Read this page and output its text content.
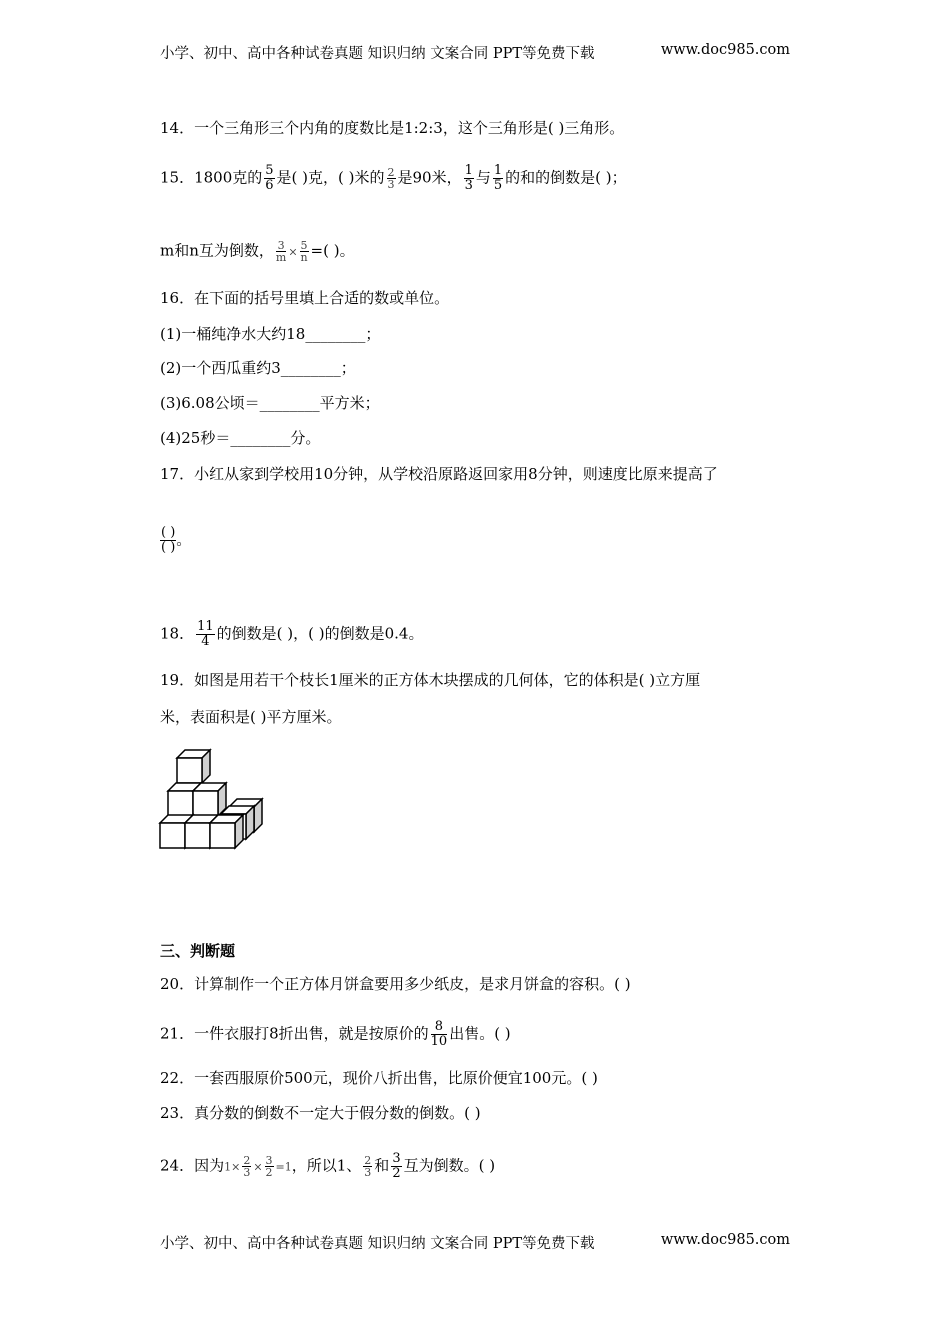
小学、初中、高中各种试卷真题 知识归纳 文案合同 PPT等免费下载	www.doc985.com
14．一个三角形三个内角的度数比是1:2:3，这个三角形是( )三角形。
15．1800克的 $\frac{5}{6}$ 是( )克，( )米的 $\frac{2}{3}$ 是90米， $\frac{1}{3}$ 与 $\frac{1}{5}$ 的和的倒数是( )；
m和n互为倒数， $\frac{3}{m} \times \frac{5}{n}$ =( )。
16．在下面的括号里填上合适的数或单位。
(1)一桶纯净水大约18________；
(2)一个西瓜重约3________；
(3)6.08公顷＝________平方米；
(4)25秒＝________分。
17．小红从家到学校用10分钟，从学校沿原路返回家用8分钟，则速度比原来提高了
( )
( ) 。
18． $\frac{11}{4}$ 的倒数是( )，( )的倒数是0.4。
19．如图是用若干个枝长1厘米的正方体木块摆成的几何体，它的体积是( )立方厘
米，表面积是( )平方厘米。
三、判断题
20．计算制作一个正方体月饼盒要用多少纸皮，是求月饼盒的容积。( )
21．一件衣服打8折出售，就是按原价的 $\frac{8}{10}$ 出售。( )
22．一套西服原价500元，现价八折出售，比原价便宜100元。( )
23．真分数的倒数不一定大于假分数的倒数。( )
24．因为$1\times \frac{2}{3} \times \frac{3}{2} =1$，所以1、 $\frac{2}{3}$ 和 $\frac{3}{2}$ 互为倒数。( )
小学、初中、高中各种试卷真题 知识归纳 文案合同 PPT等免费下载	www.doc985.com
